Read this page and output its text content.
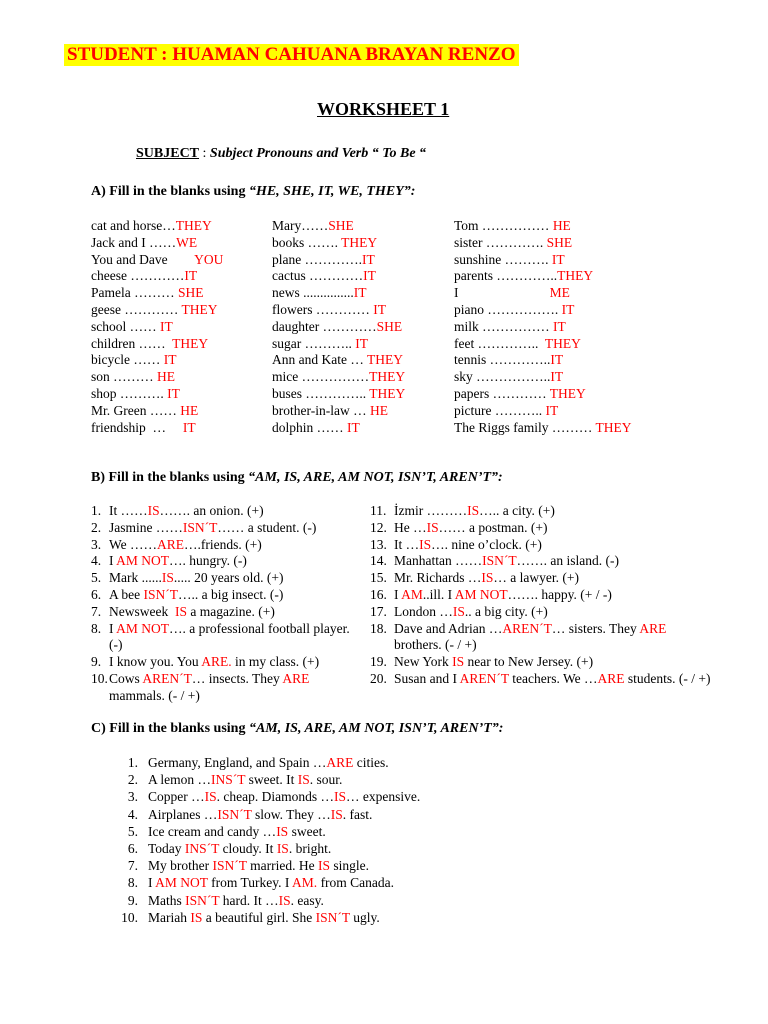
STUDENT : HUAMAN CAHUANA BRAYAN RENZO
WORKSHEET 1
SUBJECT : Subject Pronouns and Verb “ To Be “
A) Fill in the blanks using “HE, SHE, IT, WE, THEY”:
cat and horse…THEY
Jack and I ……WE
You and Dave        YOU
cheese …………IT
Pamela ……… SHE
geese ………… THEY
school …… IT
children ……  THEY
bicycle …… IT
son ……… HE
shop ………. IT
Mr. Green …… HE
friendship  …     IT
Mary……SHE
books ……. THEY
plane ………….IT
cactus …………IT
news ...............IT
flowers ………… IT
daughter …………SHE
sugar ……….. IT
Ann and Kate … THEY
mice ……………THEY
buses ………….. THEY
brother-in-law … HE
dolphin …… IT
Tom …………… HE
sister …………. SHE
sunshine ………. IT
parents …………..THEY
I                           ME
piano ……………. IT
milk …………… IT
feet …………..  THEY
tennis …………..IT
sky ……………..IT
papers ………… THEY
picture ……….. IT
The Riggs family ……… THEY
B) Fill in the blanks using “AM, IS, ARE, AM NOT, ISN’T, AREN’T”:
1. It ……IS……. an onion. (+)
2. Jasmine ……ISN´T…… a student. (-)
3. We ……ARE….friends. (+)
4. I AM NOT…. hungry. (-)
5. Mark ......IS..... 20 years old. (+)
6. A bee ISN´T….. a big insect. (-)
7. Newsweek  IS a magazine. (+)
8. I AM NOT…. a professional football player. (-)
9. I know you. You ARE. in my class. (+)
10. Cows AREN´T… insects. They ARE mammals. (- / +)
11. İzmir ………IS….. a city. (+)
12. He …IS…… a postman. (+)
13. It …IS…. nine o’clock. (+)
14. Manhattan ……ISN´T……. an island. (-)
15. Mr. Richards …IS… a lawyer. (+)
16. I AM..ill. I AM NOT……. happy. (+ / -)
17. London …IS.. a big city. (+)
18. Dave and Adrian …AREN´T… sisters. They ARE brothers. (- / +)
19. New York IS near to New Jersey. (+)
20. Susan and I AREN´T teachers. We …ARE students. (- / +)
C) Fill in the blanks using “AM, IS, ARE, AM NOT, ISN’T, AREN’T”:
1. Germany, England, and Spain …ARE cities.
2. A lemon …INS´T sweet. It IS. sour.
3. Copper …IS. cheap. Diamonds …IS… expensive.
4. Airplanes …ISN´T slow. They …IS. fast.
5. Ice cream and candy …IS sweet.
6. Today INS´T cloudy. It IS. bright.
7. My brother ISN´T married. He IS single.
8. I AM NOT from Turkey. I AM. from Canada.
9. Maths ISN´T hard. It …IS. easy.
10. Mariah IS a beautiful girl. She ISN´T ugly.
